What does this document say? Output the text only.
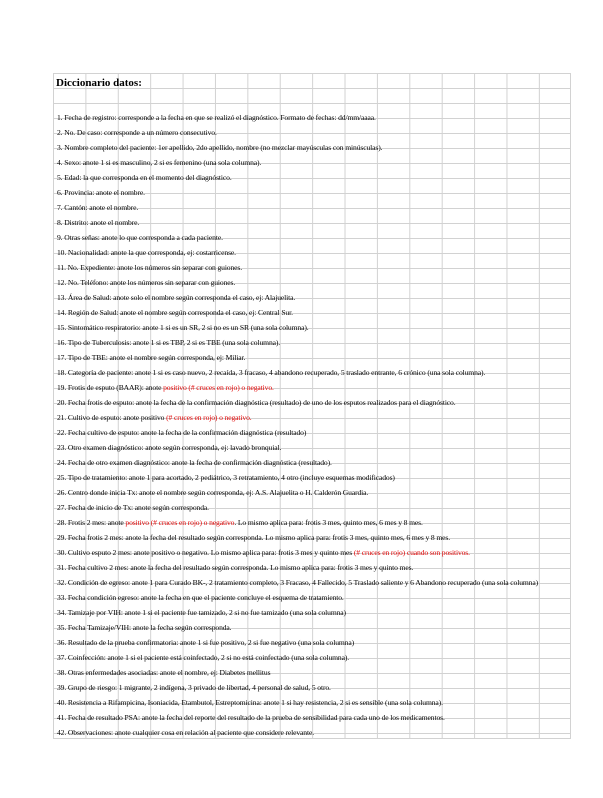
Diccionario datos:
1. Fecha de registro: corresponde a la fecha en que se realizó el diagnóstico. Formato de fechas: dd/mm/aaaa.
2. No. De caso: corresponde a un número consecutivo.
3. Nombre completo del paciente: 1er apellido, 2do apellido, nombre (no mezclar mayúsculas con minúsculas).
4. Sexo: anote 1 si es masculino, 2 si es femenino (una sola columna).
5. Edad: la que corresponda en el momento del diagnóstico.
6. Provincia: anote el nombre.
7. Cantón: anote el nombre.
8. Distrito: anote el nombre.
9. Otras señas: anote lo que corresponda a cada paciente.
10. Nacionalidad: anote la que corresponda, ej: costarricense.
11. No. Expediente: anote los números sin separar con guiones.
12. No. Teléfono: anote los números sin separar con guiones.
13. Área de Salud: anote solo el nombre según corresponda el caso, ej: Alajuelita.
14. Región de Salud: anote el nombre según corresponda el caso, ej: Central Sur.
15. Sintomático respiratorio: anote 1 si es un SR, 2 si no es un SR (una sola columna).
16. Tipo de Tuberculosis: anote 1 si es TBP, 2 si es TBE (una sola columna).
17. Tipo de TBE: anote el nombre según corresponda, ej: Miliar.
18. Categoría de paciente: anote 1 si es caso nuevo, 2 recaída, 3 fracaso, 4 abandono recuperado, 5 traslado entrante, 6 crónico (una sola columna).
19. Frotis de esputo (BAAR): anote positivo (# cruces en rojo) o negativo.
20. Fecha frotis de esputo: anote la fecha de la confirmación diagnóstica (resultado) de uno de los esputos realizados para el diagnóstico.
21. Cultivo de esputo: anote positivo (# cruces en rojo) o negativo.
22. Fecha cultivo de esputo: anote la fecha de la confirmación diagnóstica (resultado)
23. Otro examen diagnóstico: anote según corresponda, ej: lavado bronquial.
24. Fecha de otro examen diagnóstico: anote la fecha de confirmación diagnóstica (resultado).
25. Tipo de tratamiento: anote 1 para acortado, 2 pediátrico, 3 retratamiento, 4 otro (incluye esquemas modificados)
26. Centro donde inicia Tx: anote el nombre según corresponda, ej: A.S. Alajuelita o H. Calderón Guardia.
27. Fecha de inicio de Tx: anote según corresponda.
28. Frotis 2 mes: anote positivo (# cruces en rojo) o negativo. Lo mismo aplica para: frotis 3 mes, quinto mes, 6 mes y 8 mes.
29. Fecha frotis 2 mes: anote la fecha del resultado según corresponda. Lo mismo aplica para: frotis 3 mes, quinto mes, 6 mes y 8 mes.
30. Cultivo esputo 2 mes: anote positivo o negativo. Lo mismo aplica para: frotis 3 mes y quinto mes (# cruces en rojo) cuando son positivos.
31. Fecha cultivo 2 mes: anote la fecha del resultado según corresponda. Lo mismo aplica para: frotis 3 mes y quinto mes.
32. Condición de egreso: anote 1 para Curado BK-, 2 tratamiento completo, 3 Fracaso, 4 Fallecido, 5 Traslado saliente y 6 Abandono recuperado (una sola columna)
33. Fecha condición egreso: anote la fecha en que el paciente concluye el esquema de tratamiento.
34. Tamizaje por VIH: anote 1 si el paciente fue tamizado, 2 si no fue tamizado (una sola columna)
35. Fecha Tamizaje/VIH: anote la fecha según corresponda.
36. Resultado de la prueba confirmatoria: anote 1 si fue positivo, 2 si fue negativo (una sola columna)
37. Coinfección: anote 1 si el paciente está coinfectado, 2 si no está coinfectado (una sola columna).
38. Otras enfermedades asociadas: anote el nombre, ej: Diabetes mellitus
39. Grupo de riesgo: 1 migrante, 2 indígena, 3 privado de libertad, 4 personal de salud, 5 otro.
40. Resistencia a Rifampicina, Isoniacida, Etambutol, Estreptomicina: anote 1 si hay resistencia, 2 si es sensible (una sola columna).
41. Fecha de resultado PSA: anote la fecha del reporte del resultado de la prueba de sensibilidad para cada uno de los medicamentos.
42. Observaciones: anote cualquier cosa en relación al paciente que considere relevante.
